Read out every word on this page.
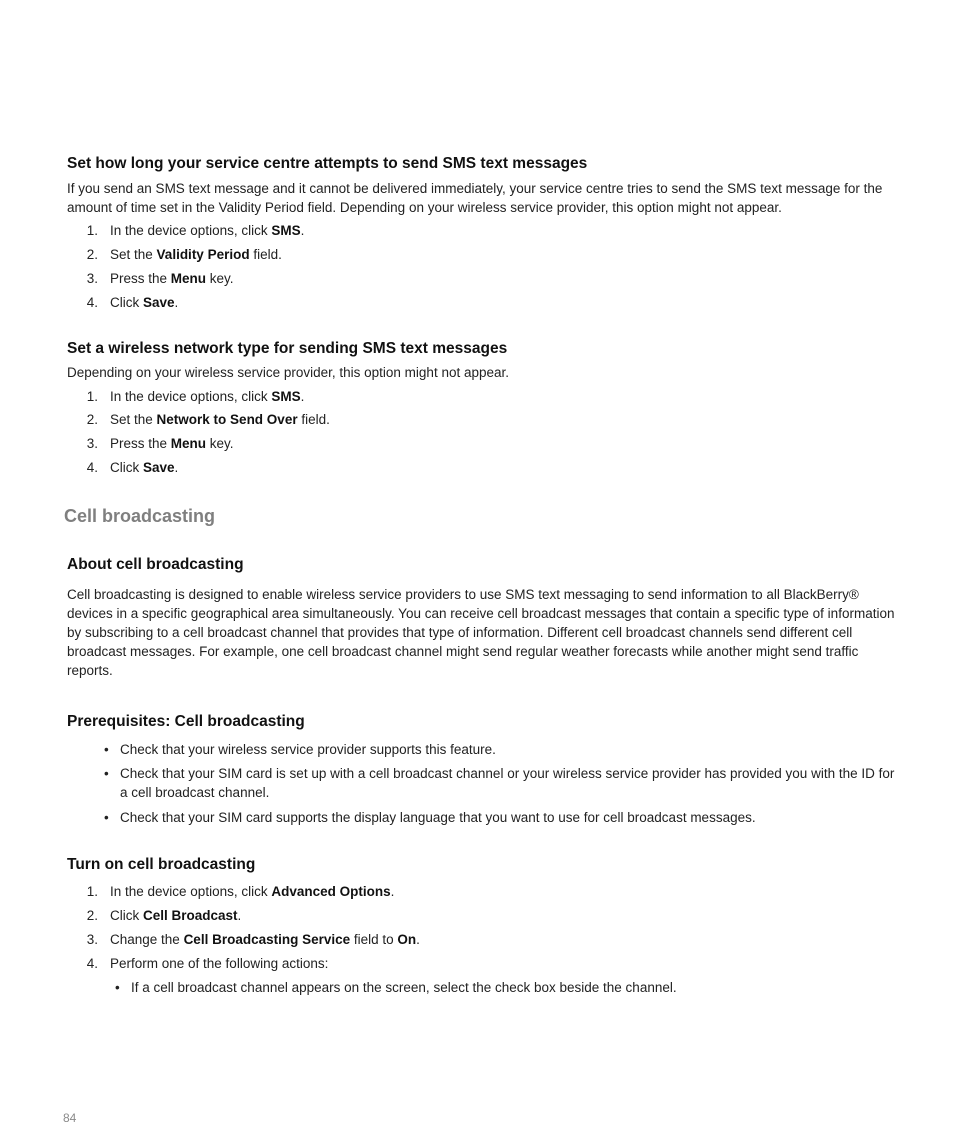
Set how long your service centre attempts to send SMS text messages

If you send an SMS text message and it cannot be delivered immediately, your service centre tries to send the SMS text message for the amount of time set in the Validity Period field. Depending on your wireless service provider, this option might not appear.

1. In the device options, click SMS.
2. Set the Validity Period field.
3. Press the Menu key.
4. Click Save.
Set a wireless network type for sending SMS text messages

Depending on your wireless service provider, this option might not appear.

1. In the device options, click SMS.
2. Set the Network to Send Over field.
3. Press the Menu key.
4. Click Save.
Cell broadcasting
About cell broadcasting

Cell broadcasting is designed to enable wireless service providers to use SMS text messaging to send information to all BlackBerry® devices in a specific geographical area simultaneously. You can receive cell broadcast messages that contain a specific type of information by subscribing to a cell broadcast channel that provides that type of information. Different cell broadcast channels send different cell broadcast messages. For example, one cell broadcast channel might send regular weather forecasts while another might send traffic reports.

Prerequisites: Cell broadcasting
• Check that your wireless service provider supports this feature.
• Check that your SIM card is set up with a cell broadcast channel or your wireless service provider has provided you with the ID for a cell broadcast channel.
• Check that your SIM card supports the display language that you want to use for cell broadcast messages.
Turn on cell broadcasting
1. In the device options, click Advanced Options.
2. Click Cell Broadcast.
3. Change the Cell Broadcasting Service field to On.
4. Perform one of the following actions:
• If a cell broadcast channel appears on the screen, select the check box beside the channel.
84
